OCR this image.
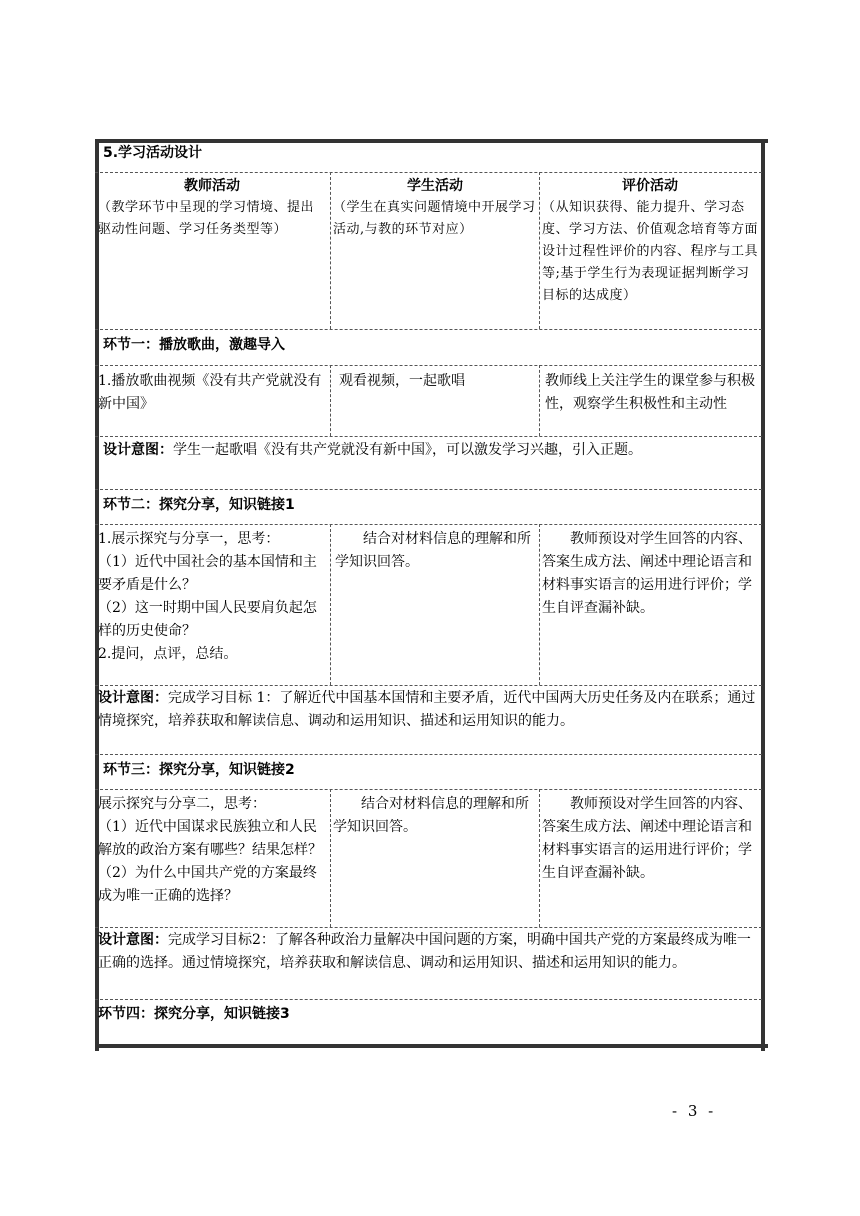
5.学习活动设计
教师活动
（教学环节中呈现的学习情境、提出驱动性问题、学习任务类型等）
学生活动
（学生在真实问题情境中开展学习活动,与教的环节对应）
评价活动
（从知识获得、能力提升、学习态度、学习方法、价值观念培育等方面设计过程性评价的内容、程序与工具等;基于学生行为表现证据判断学习目标的达成度）
环节一：播放歌曲，激趣导入
1.播放歌曲视频《没有共产党就没有新中国》
观看视频，一起歌唱	教师线上关注学生的课堂参与积极性，观察学生积极性和主动性
设计意图：学生一起歌唱《没有共产党就没有新中国》，可以激发学习兴趣，引入正题。
环节二：探究分享，知识链接1
1.展示探究与分享一，思考：
（1）近代中国社会的基本国情和主要矛盾是什么？
（2）这一时期中国人民要肩负起怎样的历史使命？
2.提问，点评，总结。
结合对材料信息的理解和所学知识回答。
教师预设对学生回答的内容、答案生成方法、阐述中理论语言和材料事实语言的运用进行评价；学生自评查漏补缺。
设计意图：完成学习目标 1：了解近代中国基本国情和主要矛盾，近代中国两大历史任务及内在联系；通过情境探究，培养获取和解读信息、调动和运用知识、描述和运用知识的能力。
环节三：探究分享，知识链接2
展示探究与分享二，思考：
（1）近代中国谋求民族独立和人民解放的政治方案有哪些？结果怎样？
（2）为什么中国共产党的方案最终成为唯一正确的选择？
结合对材料信息的理解和所学知识回答。
教师预设对学生回答的内容、答案生成方法、阐述中理论语言和材料事实语言的运用进行评价；学生自评查漏补缺。
设计意图：完成学习目标2：了解各种政治力量解决中国问题的方案，明确中国共产党的方案最终成为唯一正确的选择。通过情境探究，培养获取和解读信息、调动和运用知识、描述和运用知识的能力。
环节四：探究分享，知识链接3
- 3 -
